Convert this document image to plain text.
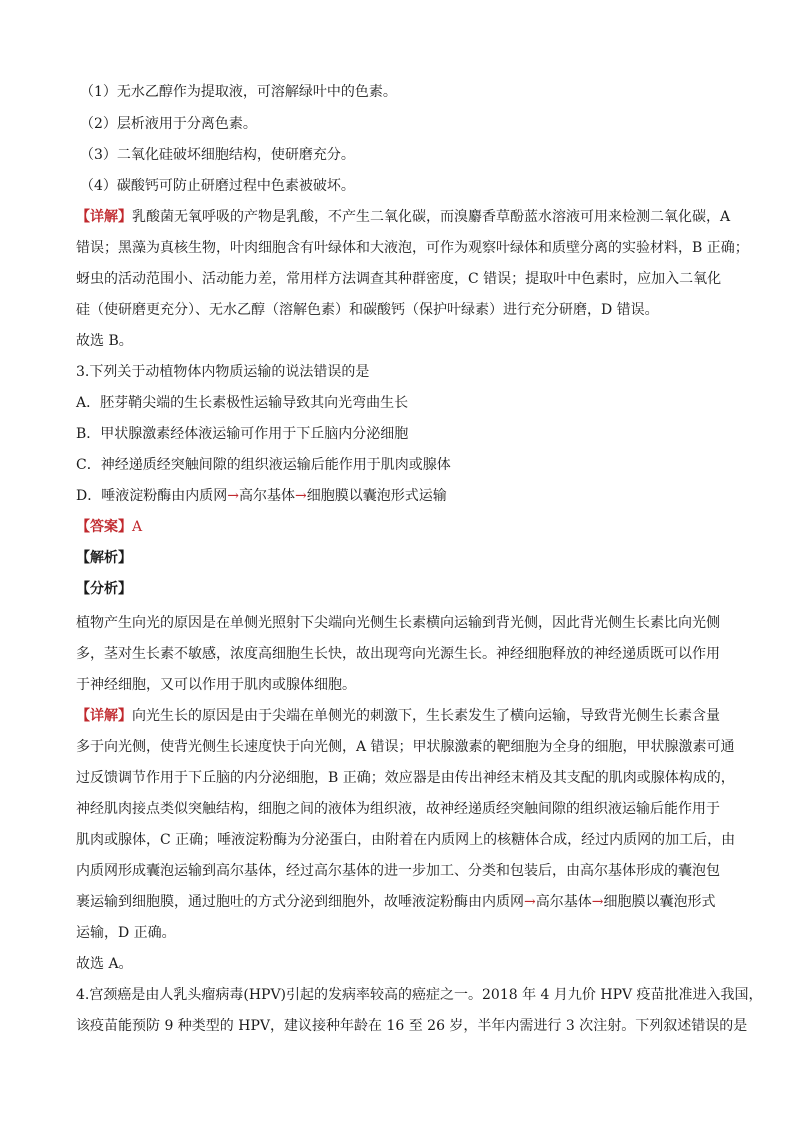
（1）无水乙醇作为提取液，可溶解绿叶中的色素。
（2）层析液用于分离色素。
（3）二氧化硅破坏细胞结构，使研磨充分。
（4）碳酸钙可防止研磨过程中色素被破坏。
【详解】乳酸菌无氧呼吸的产物是乳酸，不产生二氧化碳，而溴麝香草酚蓝水溶液可用来检测二氧化碳，A
错误；黑藻为真核生物，叶肉细胞含有叶绿体和大液泡，可作为观察叶绿体和质壁分离的实验材料，B 正确；
蚜虫的活动范围小、活动能力差，常用样方法调查其种群密度，C 错误；提取叶中色素时，应加入二氧化
硅（使研磨更充分）、无水乙醇（溶解色素）和碳酸钙（保护叶绿素）进行充分研磨，D 错误。
故选 B。
3.下列关于动植物体内物质运输的说法错误的是
A．胚芽鞘尖端的生长素极性运输导致其向光弯曲生长
B．甲状腺激素经体液运输可作用于下丘脑内分泌细胞
C．神经递质经突触间隙的组织液运输后能作用于肌肉或腺体
D．唾液淀粉酶由内质网→高尔基体→细胞膜以囊泡形式运输
【答案】A
【解析】
【分析】
植物产生向光的原因是在单侧光照射下尖端向光侧生长素横向运输到背光侧，因此背光侧生长素比向光侧
多，茎对生长素不敏感，浓度高细胞生长快，故出现弯向光源生长。神经细胞释放的神经递质既可以作用
于神经细胞，又可以作用于肌肉或腺体细胞。
【详解】向光生长的原因是由于尖端在单侧光的刺激下，生长素发生了横向运输，导致背光侧生长素含量
多于向光侧，使背光侧生长速度快于向光侧，A 错误；甲状腺激素的靶细胞为全身的细胞，甲状腺激素可通
过反馈调节作用于下丘脑的内分泌细胞，B 正确；效应器是由传出神经末梢及其支配的肌肉或腺体构成的，
神经肌肉接点类似突触结构，细胞之间的液体为组织液，故神经递质经突触间隙的组织液运输后能作用于
肌肉或腺体，C 正确；唾液淀粉酶为分泌蛋白，由附着在内质网上的核糖体合成，经过内质网的加工后，由
内质网形成囊泡运输到高尔基体，经过高尔基体的进一步加工、分类和包装后，由高尔基体形成的囊泡包
裹运输到细胞膜，通过胞吐的方式分泌到细胞外，故唾液淀粉酶由内质网→高尔基体→细胞膜以囊泡形式
运输，D 正确。
故选 A。
4.宫颈癌是由人乳头瘤病毒(HPV)引起的发病率较高的癌症之一。2018 年 4 月九价 HPV 疫苗批准进入我国，
该疫苗能预防 9 种类型的 HPV，建议接种年龄在 16 至 26 岁，半年内需进行 3 次注射。下列叙述错误的是
